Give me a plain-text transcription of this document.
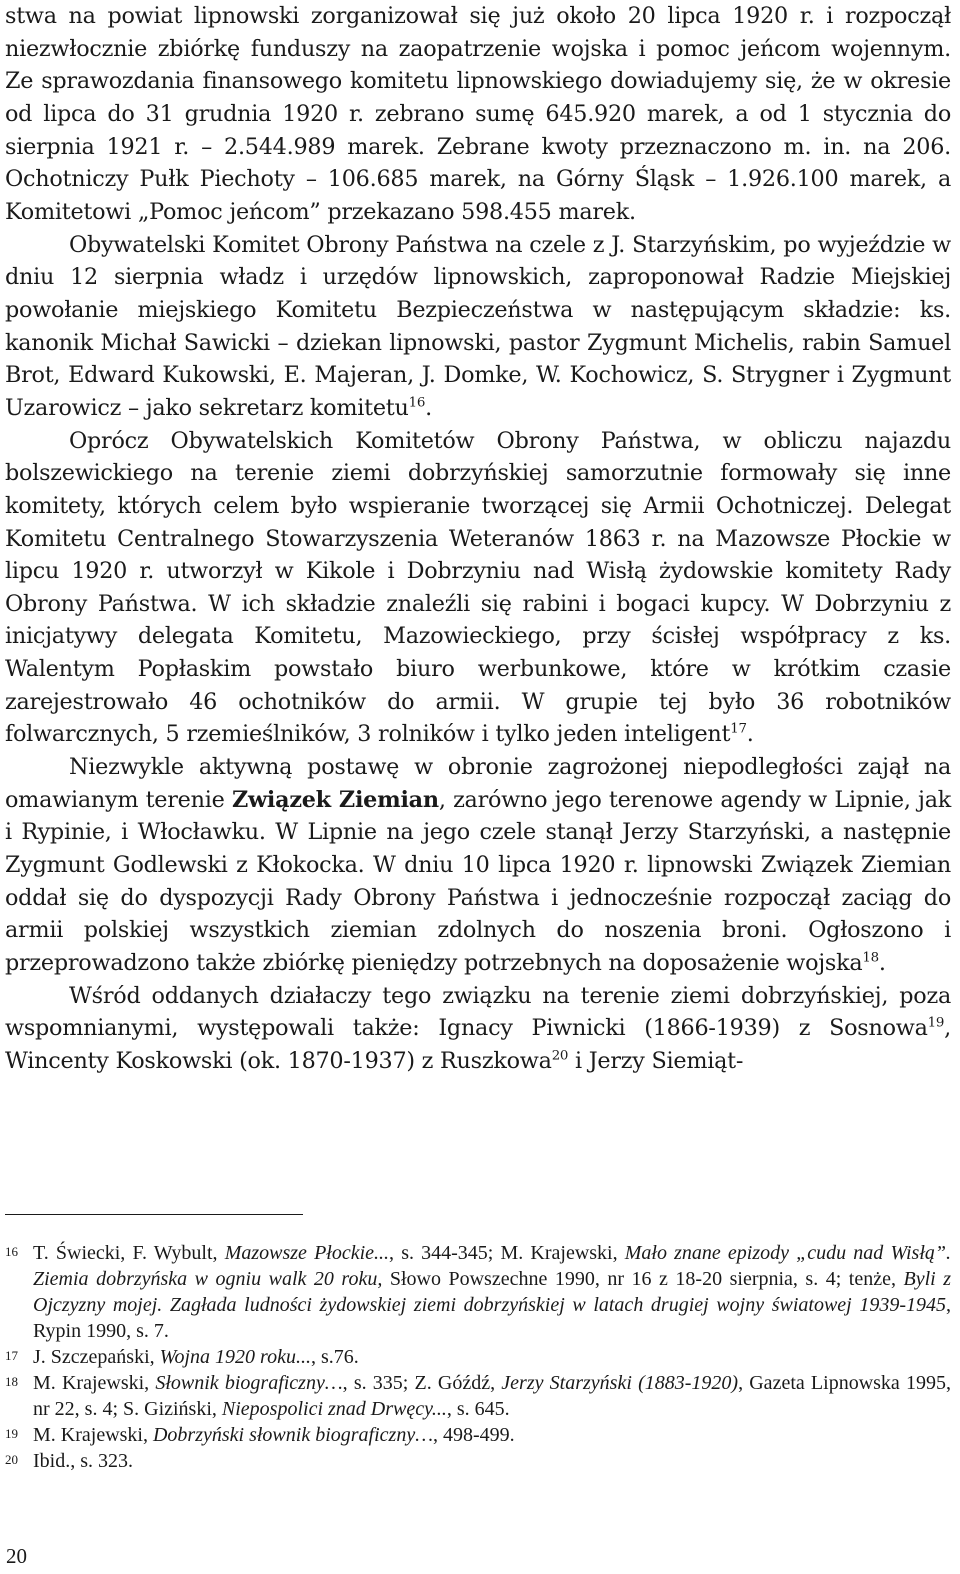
stwa na powiat lipnowski zorganizował się już około 20 lipca 1920 r. i rozpoczął niezwłocznie zbiórkę funduszy na zaopatrzenie wojska i pomoc jeńcom wojennym. Ze sprawozdania finansowego komitetu lipnowskiego dowiadujemy się, że w okresie od lipca do 31 grudnia 1920 r. zebrano sumę 645.920 marek, a od 1 stycznia do sierpnia 1921 r. – 2.544.989 marek. Zebrane kwoty przeznaczono m. in. na 206. Ochotniczy Pułk Piechoty – 106.685 marek, na Górny Śląsk – 1.926.100 marek, a Komitetowi „Pomoc jeńcom” przekazano 598.455 marek.

Obywatelski Komitet Obrony Państwa na czele z J. Starzyńskim, po wyjeździe w dniu 12 sierpnia władz i urzędów lipnowskich, zaproponował Radzie Miejskiej powołanie miejskiego Komitetu Bezpieczeństwa w następującym składzie: ks. kanonik Michał Sawicki – dziekan lipnowski, pastor Zygmunt Michelis, rabin Samuel Brot, Edward Kukowski, E. Majeran, J. Domke, W. Kochowicz, S. Strygner i Zygmunt Uzarowicz – jako sekretarz komitetu$^{16}$.

Oprócz Obywatelskich Komitetów Obrony Państwa, w obliczu najazdu bolszewickiego na terenie ziemi dobrzyńskiej samorzutnie formowały się inne komitety, których celem było wspieranie tworzącej się Armii Ochotniczej. Delegat Komitetu Centralnego Stowarzyszenia Weteranów 1863 r. na Mazowsze Płockie w lipcu 1920 r. utworzył w Kikole i Dobrzyniu nad Wisłą żydowskie komitety Rady Obrony Państwa. W ich składzie znaleźli się rabini i bogaci kupcy. W Dobrzyniu z inicjatywy delegata Komitetu, Mazowieckiego, przy ścisłej współpracy z ks. Walentym Popłaskim powstało biuro werbunkowe, które w krótkim czasie zarejestrowało 46 ochotników do armii. W grupie tej było 36 robotników folwarcznych, 5 rzemieślników, 3 rolników i tylko jeden inteligent$^{17}$.

Niezwykle aktywną postawę w obronie zagrożonej niepodległości zajął na omawianym terenie Związek Ziemian, zarówno jego terenowe agendy w Lipnie, jak i Rypinie, i Włocławku. W Lipnie na jego czele stanął Jerzy Starzyński, a następnie Zygmunt Godlewski z Kłokocka. W dniu 10 lipca 1920 r. lipnowski Związek Ziemian oddał się do dyspozycji Rady Obrony Państwa i jednocześnie rozpoczął zaciąg do armii polskiej wszystkich ziemian zdolnych do noszenia broni. Ogłoszono i przeprowadzono także zbiórkę pieniędzy potrzebnych na doposażenie wojska$^{18}$.

Wśród oddanych działaczy tego związku na terenie ziemi dobrzyńskiej, poza wspomnianymi, występowali także: Ignacy Piwnicki (1866-1939) z Sosnowa$^{19}$, Wincenty Koskowski (ok. 1870-1937) z Ruszkowa$^{20}$ i Jerzy Siemiąt-

16 T. Świecki, F. Wybult, Mazowsze Płockie..., s. 344-345; M. Krajewski, Mało znane epizody „cudu nad Wisłą”. Ziemia dobrzyńska w ogniu walk 20 roku, Słowo Powszechne 1990, nr 16 z 18-20 sierpnia, s. 4; tenże, Byli z Ojczyzny mojej. Zagłada ludności żydowskiej ziemi dobrzyńskiej w latach drugiej wojny światowej 1939-1945, Rypin 1990, s. 7.

17 J. Szczepański, Wojna 1920 roku..., s.76.

18 M. Krajewski, Słownik biograficzny…, s. 335; Z. Góźdź, Jerzy Starzyński (1883-1920), Gazeta Lipnowska 1995, nr 22, s. 4; S. Giziński, Niepospolici znad Drwęcy..., s. 645.

19 M. Krajewski, Dobrzyński słownik biograficzny…, 498-499.

20 Ibid., s. 323.

20
